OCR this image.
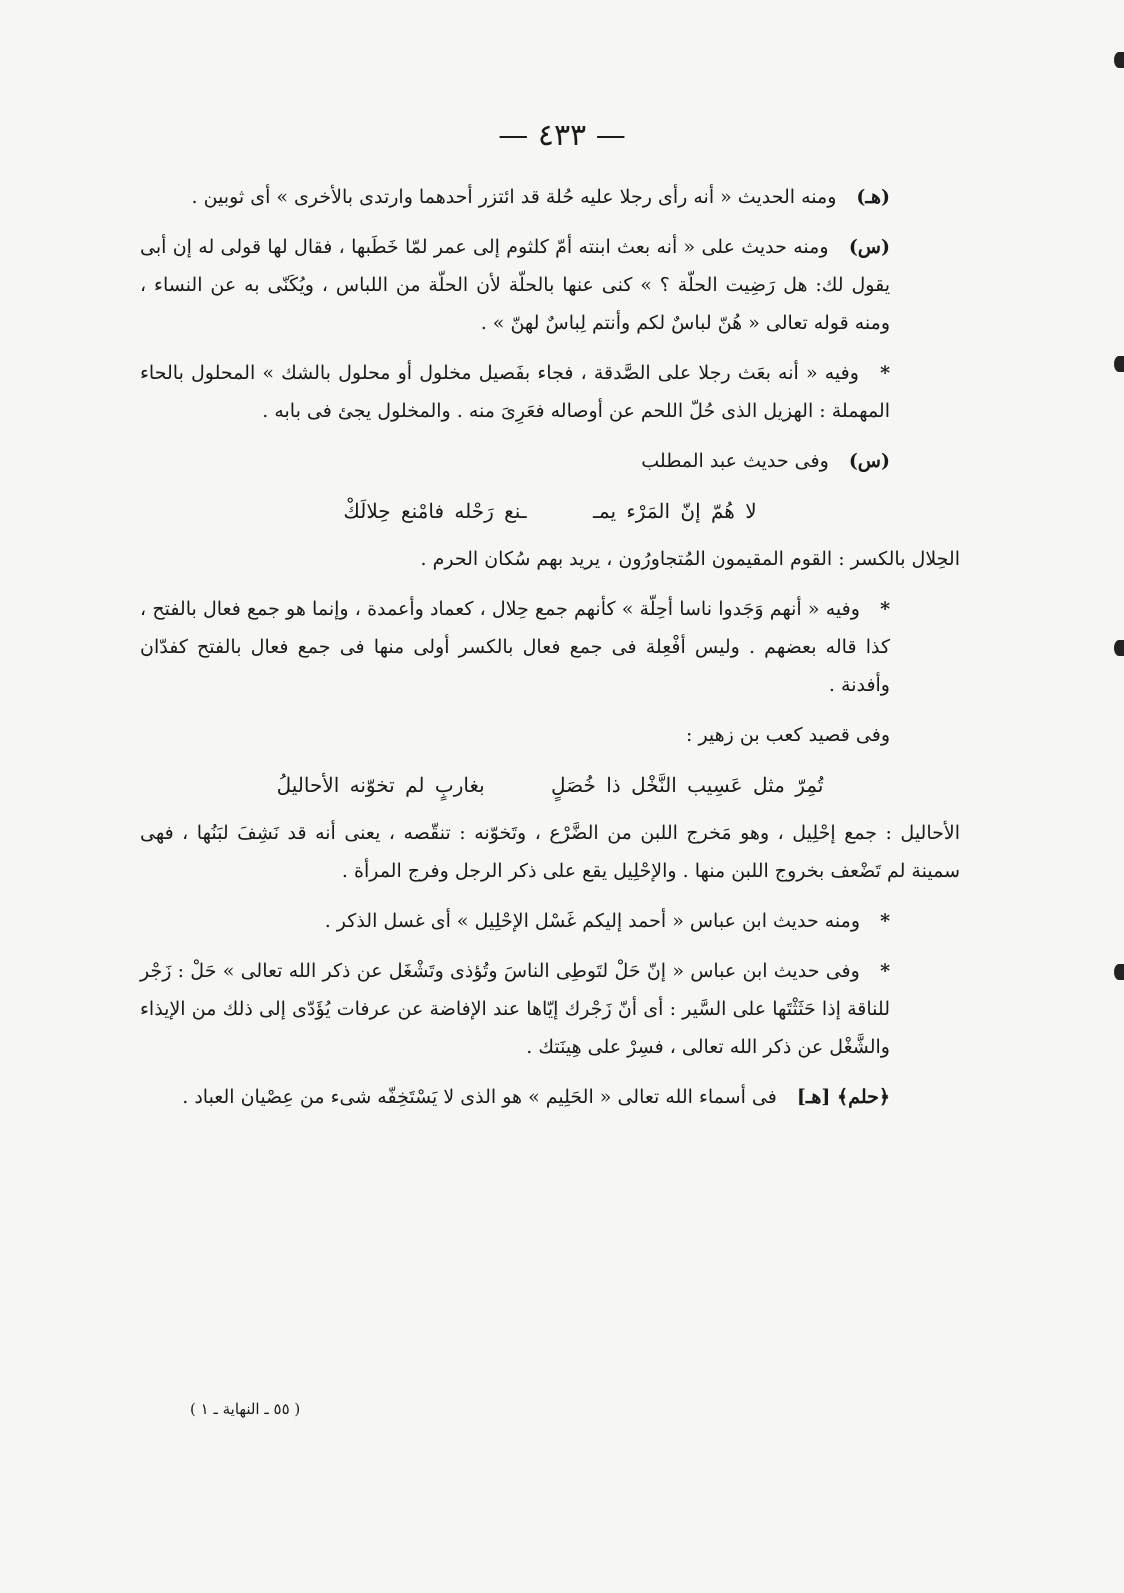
— ٤٣٣ —

(هـ) ومنه الحديث « أنه رأى رجلا عليه حُلة قد ائتزر أحدهما وارتدى بالأخرى » أى ثوبين .

(س) ومنه حديث على « أنه بعث ابنته أمّ كلثوم إلى عمر لمّا خَطَبها ، فقال لها قولى له إن أبى يقول لك: هل رَضِيت الحلّة ؟ » كنى عنها بالحلّة لأن الحلّة من اللباس ، ويُكَنّى به عن النساء ، ومنه قوله تعالى « هُنّ لباسٌ لكم وأنتم لِباسٌ لهنّ » .

* وفيه « أنه بعَث رجلا على الصَّدقة ، فجاء بفَصيل مخلول أو محلول بالشك » المحلول بالحاء المهملة : الهزيل الذى حُلّ اللحم عن أوصاله فعَرِىَ منه . والمخلول يجئ فى بابه .

(س) وفى حديث عبد المطلب

لا هُمّ إنّ المَرْء يمـ ـنع رَحْله فامْنع حِلالَكْ

الحِلال بالكسر : القوم المقيمون المُتجاورُون ، يريد بهم سُكان الحرم .

* وفيه « أنهم وَجَدوا ناسا أحِلّة » كأنهم جمع حِلال ، كعماد وأعمدة ، وإنما هو جمع فعال بالفتح ، كذا قاله بعضهم . وليس أفْعِلة فى جمع فعال بالكسر أولى منها فى جمع فعال بالفتح كفدّان وأفدنة .

وفى قصيد كعب بن زهير :

تُمِرّ مثل عَسِيب النَّخْل ذا خُصَلٍ بغاربٍ لم تخوّنه الأحاليلُ

الأحاليل : جمع إحْلِيل ، وهو مَخرج اللبن من الضَّرْع ، وتَخوّنه : تنقّصه ، يعنى أنه قد نَشِفَ لبَنُها ، فهى سمينة لم تَضْعف بخروج اللبن منها . والإحْلِيل يقع على ذكر الرجل وفرج المرأة .

* ومنه حديث ابن عباس « أحمد إليكم غَسْل الإحْلِيل » أى غسل الذكر .

* وفى حديث ابن عباس « إنّ حَلْ لتَوطِى الناسَ وتُؤذى وتَشْغَل عن ذكر الله تعالى » حَلْ : زَجْر للناقة إذا حَثَثْتَها على السَّير : أى أنّ زَجْرك إيّاها عند الإفاضة عن عرفات يُؤَدّى إلى ذلك من الإيذاء والشَّغْل عن ذكر الله تعالى ، فسِرْ على هِينَتك .

﴿حلم﴾ [هـ] فى أسماء الله تعالى « الحَلِيم » هو الذى لا يَسْتَخِفّه شىء من عِصْيان العباد .

( ٥٥ ـ النهاية ـ ١ )
